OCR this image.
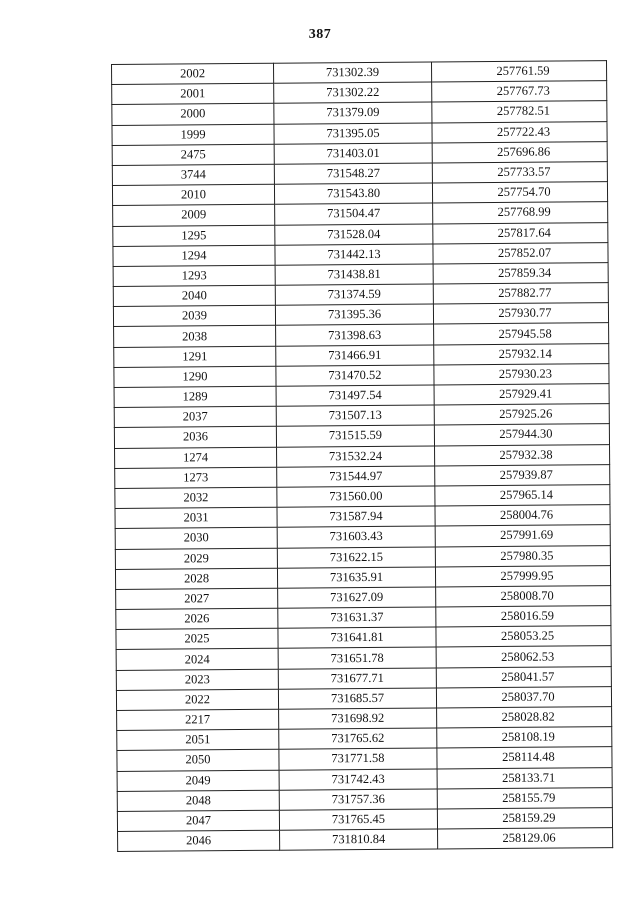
387
2002	731302.39	257761.59
2001	731302.22	257767.73
2000	731379.09	257782.51
1999	731395.05	257722.43
2475	731403.01	257696.86
3744	731548.27	257733.57
2010	731543.80	257754.70
2009	731504.47	257768.99
1295	731528.04	257817.64
1294	731442.13	257852.07
1293	731438.81	257859.34
2040	731374.59	257882.77
2039	731395.36	257930.77
2038	731398.63	257945.58
1291	731466.91	257932.14
1290	731470.52	257930.23
1289	731497.54	257929.41
2037	731507.13	257925.26
2036	731515.59	257944.30
1274	731532.24	257932.38
1273	731544.97	257939.87
2032	731560.00	257965.14
2031	731587.94	258004.76
2030	731603.43	257991.69
2029	731622.15	257980.35
2028	731635.91	257999.95
2027	731627.09	258008.70
2026	731631.37	258016.59
2025	731641.81	258053.25
2024	731651.78	258062.53
2023	731677.71	258041.57
2022	731685.57	258037.70
2217	731698.92	258028.82
2051	731765.62	258108.19
2050	731771.58	258114.48
2049	731742.43	258133.71
2048	731757.36	258155.79
2047	731765.45	258159.29
2046	731810.84	258129.06
